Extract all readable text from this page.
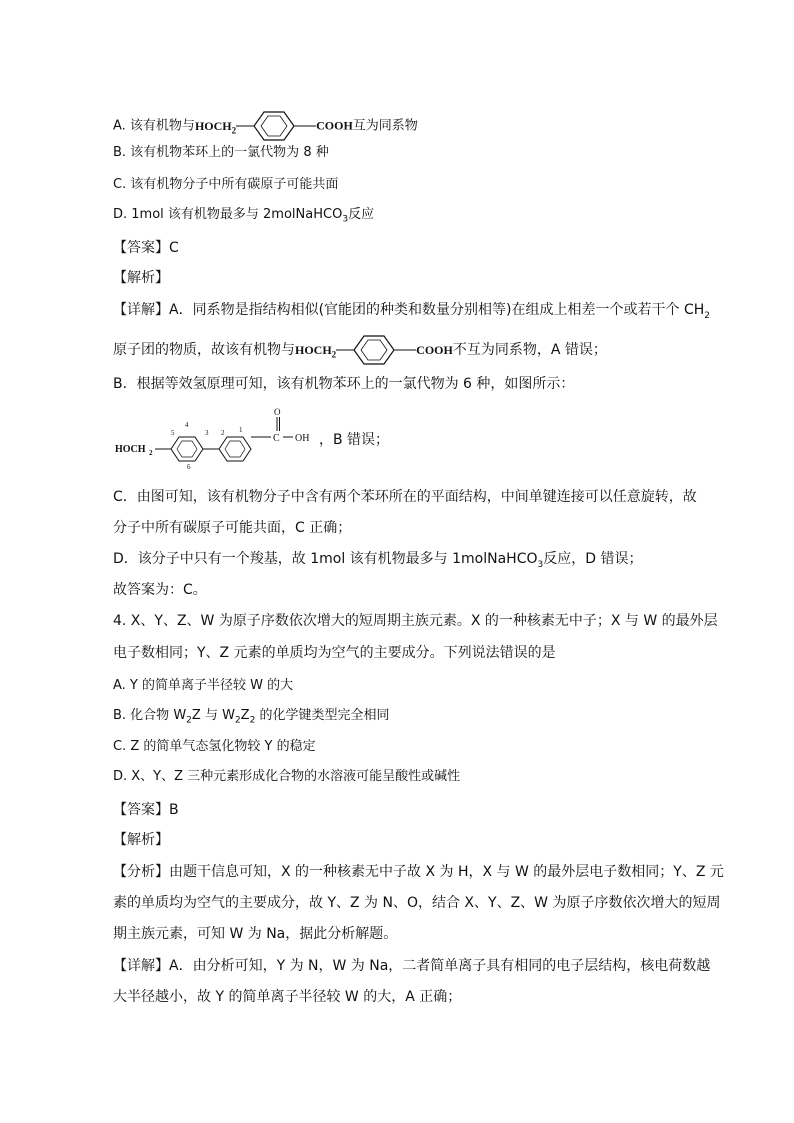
A. 该有机物与$HOCH_2$	COOH互为同系物
B. 该有机物苯环上的一氯代物为 8 种
C. 该有机物分子中所有碳原子可能共面
D. 1mol 该有机物最多与 2molNaHCO$_3$反应
【答案】C
【解析】
【详解】A．同系物是指结构相似(官能团的种类和数量分别相等)在组成上相差一个或若干个 $CH_2$
原子团的物质，故该有机物与$HOCH_2$	COOH不互为同系物，A 错误；
B．根据等效氢原理可知，该有机物苯环上的一氯代物为 6 种，如图所示：
HOCH 2
C
O
OH
1
2
3
4
5
6
，B 错误；
C．由图可知，该有机物分子中含有两个苯环所在的平面结构，中间单键连接可以任意旋转，故
分子中所有碳原子可能共面，C 正确；
D．该分子中只有一个羧基，故 1mol 该有机物最多与 1molNaHCO$_3$反应，D 错误；
故答案为：C。
4. X、Y、Z、W 为原子序数依次增大的短周期主族元素。X 的一种核素无中子；X 与 W 的最外层
电子数相同；Y、Z 元素的单质均为空气的主要成分。下列说法错误的是
A. Y 的简单离子半径较 W 的大
B. 化合物 $W_2Z$ 与 $W_2Z_2$ 的化学键类型完全相同
C. Z 的简单气态氢化物较 Y 的稳定
D. X、Y、Z 三种元素形成化合物的水溶液可能呈酸性或碱性
【答案】B
【解析】
【分析】由题干信息可知，X 的一种核素无中子故 X 为 H，X 与 W 的最外层电子数相同；Y、Z 元
素的单质均为空气的主要成分，故 Y、Z 为 N、O，结合 X、Y、Z、W 为原子序数依次增大的短周
期主族元素，可知 W 为 Na，据此分析解题。
【详解】A．由分析可知，Y 为 N，W 为 Na，二者简单离子具有相同的电子层结构，核电荷数越
大半径越小，故 Y 的简单离子半径较 W 的大，A 正确；
